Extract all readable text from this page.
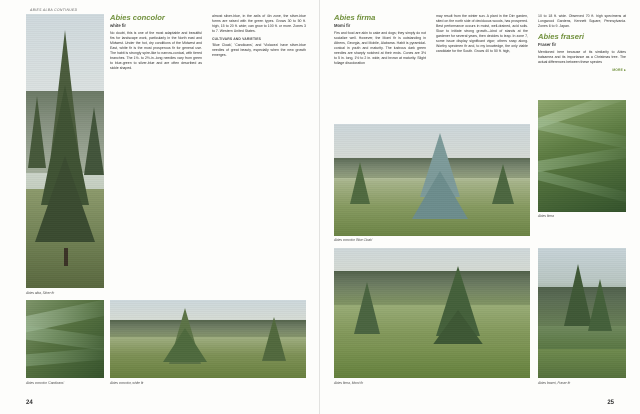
ABIES ALBA CONTINUED
Abies alba, Silver fir
Abies concolor 'Candicans'	Abies concolor, white fir
Abies concolor
white fir

No doubt, this is one of the most adaptable and beautiful firs for landscape work, particularly in the North east and Midwest. Under the hot, dry conditions of the Midwest and East, white fir is the most prosperous fir for general use. The habit is strongly spire-like to narrow-conical, with tiered branches. The 1½- to 2½-in.-long needles vary from green to blue-green to silver-blue and are often described as sickle shaped.

almost silver-blue, in the axils of 4in zone, the silver-blue forms are raised with the green types. Grows 30 to 50 ft. high, 15 to 20 ft. wide; can grow to 100 ft. or more. Zones 3 to 7. Western United States.

CULTIVARS AND VARIETIES

'Blue Cloak', 'Candicans', and 'Violacea' have silver-blue needles of great beauty, especially when the new growth emerges.

24
Abies firma
Momi fir

Firs and food are akin to cake and dogs; they simply do not socialize well. However, the Momi fir is outstanding in Athens, Georgia, and Mobile, Alabama. Habit is pyramidal-conical in youth and maturity. The lustrous dark green needles are sharply notched at their ends. Cones are 3½ to 5 in. long, 1½ to 2 in. wide, and brown at maturity. Slight foliage discoloration

may result from the winter sun. A plant in the Dirr garden, sited on the north side of deciduous woods, has prospered. Best performance occurs in moist, well-drained, acid soils. Slow to initiate strong growth—kind of stands at the gardener for several years, then decides to leap. In zone 7, some issue display significant vigor; others snap along. Worthy specimen fir and, to my knowledge, the only viable candidate for the South. Grows 40 to 50 ft. high,

10 to 18 ft. wide. Observed 70 ft. high specimens at Longwood Gardens, Kennett Square, Pennsylvania. Zones 6 to 9. Japan.

Abies fraseri
Fraser fir

Mentioned here because of its similarity to Abies balsamea and its importance as a Christmas tree. The actual differences between these species

MORE ▸
Abies firma
Abies concolor 'Blue Cloak'
Abies firma, Momi fir	Abies fraseri, Fraser fir
25
